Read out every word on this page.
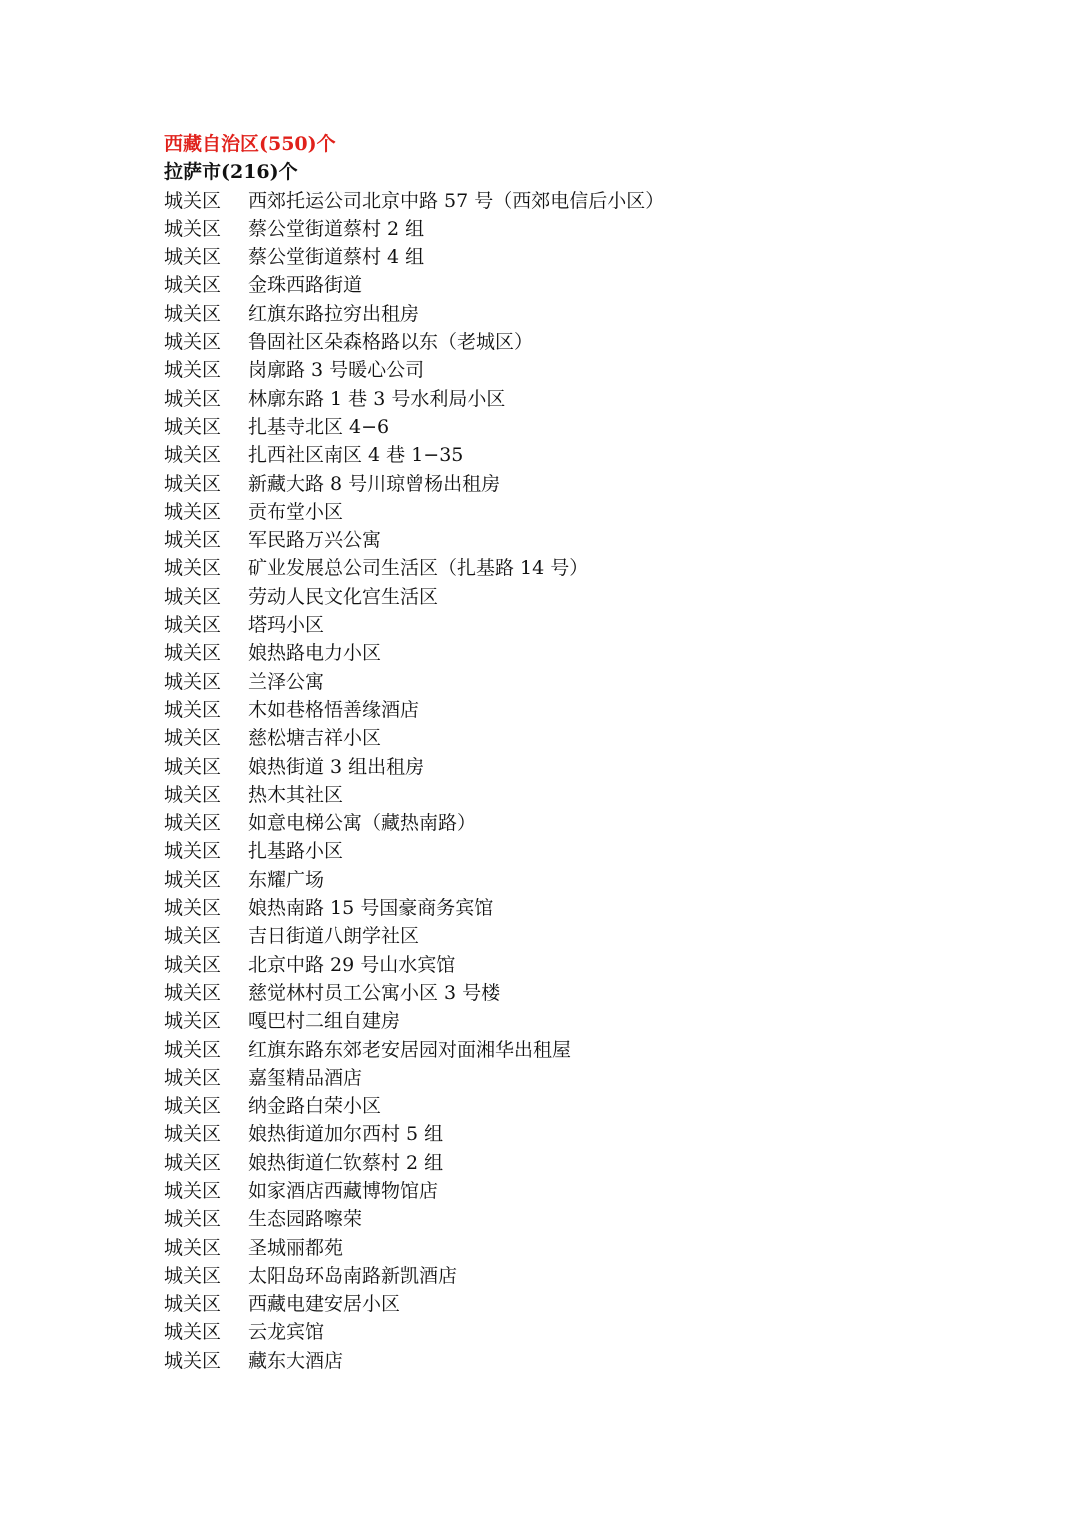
西藏自治区(550)个
拉萨市(216)个
城关区 西郊托运公司北京中路 57 号（西郊电信后小区）
城关区 蔡公堂街道蔡村 2 组
城关区 蔡公堂街道蔡村 4 组
城关区 金珠西路街道
城关区 红旗东路拉穷出租房
城关区 鲁固社区朵森格路以东（老城区）
城关区 岗廓路 3 号暖心公司
城关区 林廓东路 1 巷 3 号水利局小区
城关区 扎基寺北区 4−6
城关区 扎西社区南区 4 巷 1−35
城关区 新藏大路 8 号川琼曾杨出租房
城关区 贡布堂小区
城关区 军民路万兴公寓
城关区 矿业发展总公司生活区（扎基路 14 号）
城关区 劳动人民文化宫生活区
城关区 塔玛小区
城关区 娘热路电力小区
城关区 兰泽公寓
城关区 木如巷格悟善缘酒店
城关区 慈松塘吉祥小区
城关区 娘热街道 3 组出租房
城关区 热木其社区
城关区 如意电梯公寓（藏热南路）
城关区 扎基路小区
城关区 东耀广场
城关区 娘热南路 15 号国豪商务宾馆
城关区 吉日街道八朗学社区
城关区 北京中路 29 号山水宾馆
城关区 慈觉林村员工公寓小区 3 号楼
城关区 嘎巴村二组自建房
城关区 红旗东路东郊老安居园对面湘华出租屋
城关区 嘉玺精品酒店
城关区 纳金路白荣小区
城关区 娘热街道加尔西村 5 组
城关区 娘热街道仁钦蔡村 2 组
城关区 如家酒店西藏博物馆店
城关区 生态园路嚓荣
城关区 圣城丽都苑
城关区 太阳岛环岛南路新凯酒店
城关区 西藏电建安居小区
城关区 云龙宾馆
城关区 藏东大酒店
